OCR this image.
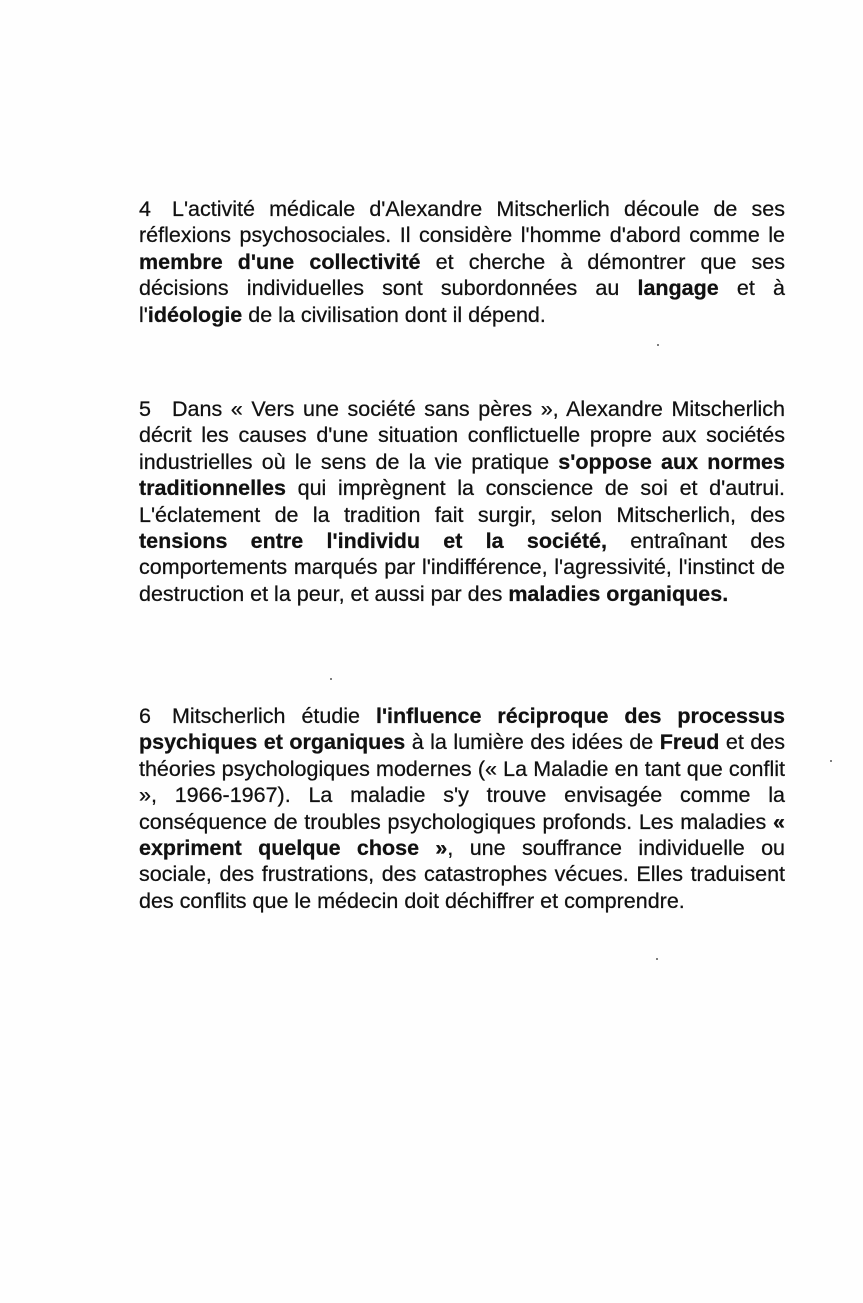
4 L'activité médicale d'Alexandre Mitscherlich découle de ses réflexions psychosociales. Il considère l'homme d'abord comme le membre d'une collectivité et cherche à démontrer que ses décisions individuelles sont subordonnées au langage et à l'idéologie de la civilisation dont il dépend.

5 Dans « Vers une société sans pères », Alexandre Mitscherlich décrit les causes d'une situation conflictuelle propre aux sociétés industrielles où le sens de la vie pratique s'oppose aux normes traditionnelles qui imprègnent la conscience de soi et d'autrui. L'éclatement de la tradition fait surgir, selon Mitscherlich, des tensions entre l'individu et la société, entraînant des comportements marqués par l'indifférence, l'agressivité, l'instinct de destruction et la peur, et aussi par des maladies organiques.

6 Mitscherlich étudie l'influence réciproque des processus psychiques et organiques à la lumière des idées de Freud et des théories psychologiques modernes (« La Maladie en tant que conflit », 1966-1967). La maladie s'y trouve envisagée comme la conséquence de troubles psychologiques profonds. Les maladies « expriment quelque chose », une souffrance individuelle ou sociale, des frustrations, des catastrophes vécues. Elles traduisent des conflits que le médecin doit déchiffrer et comprendre.
